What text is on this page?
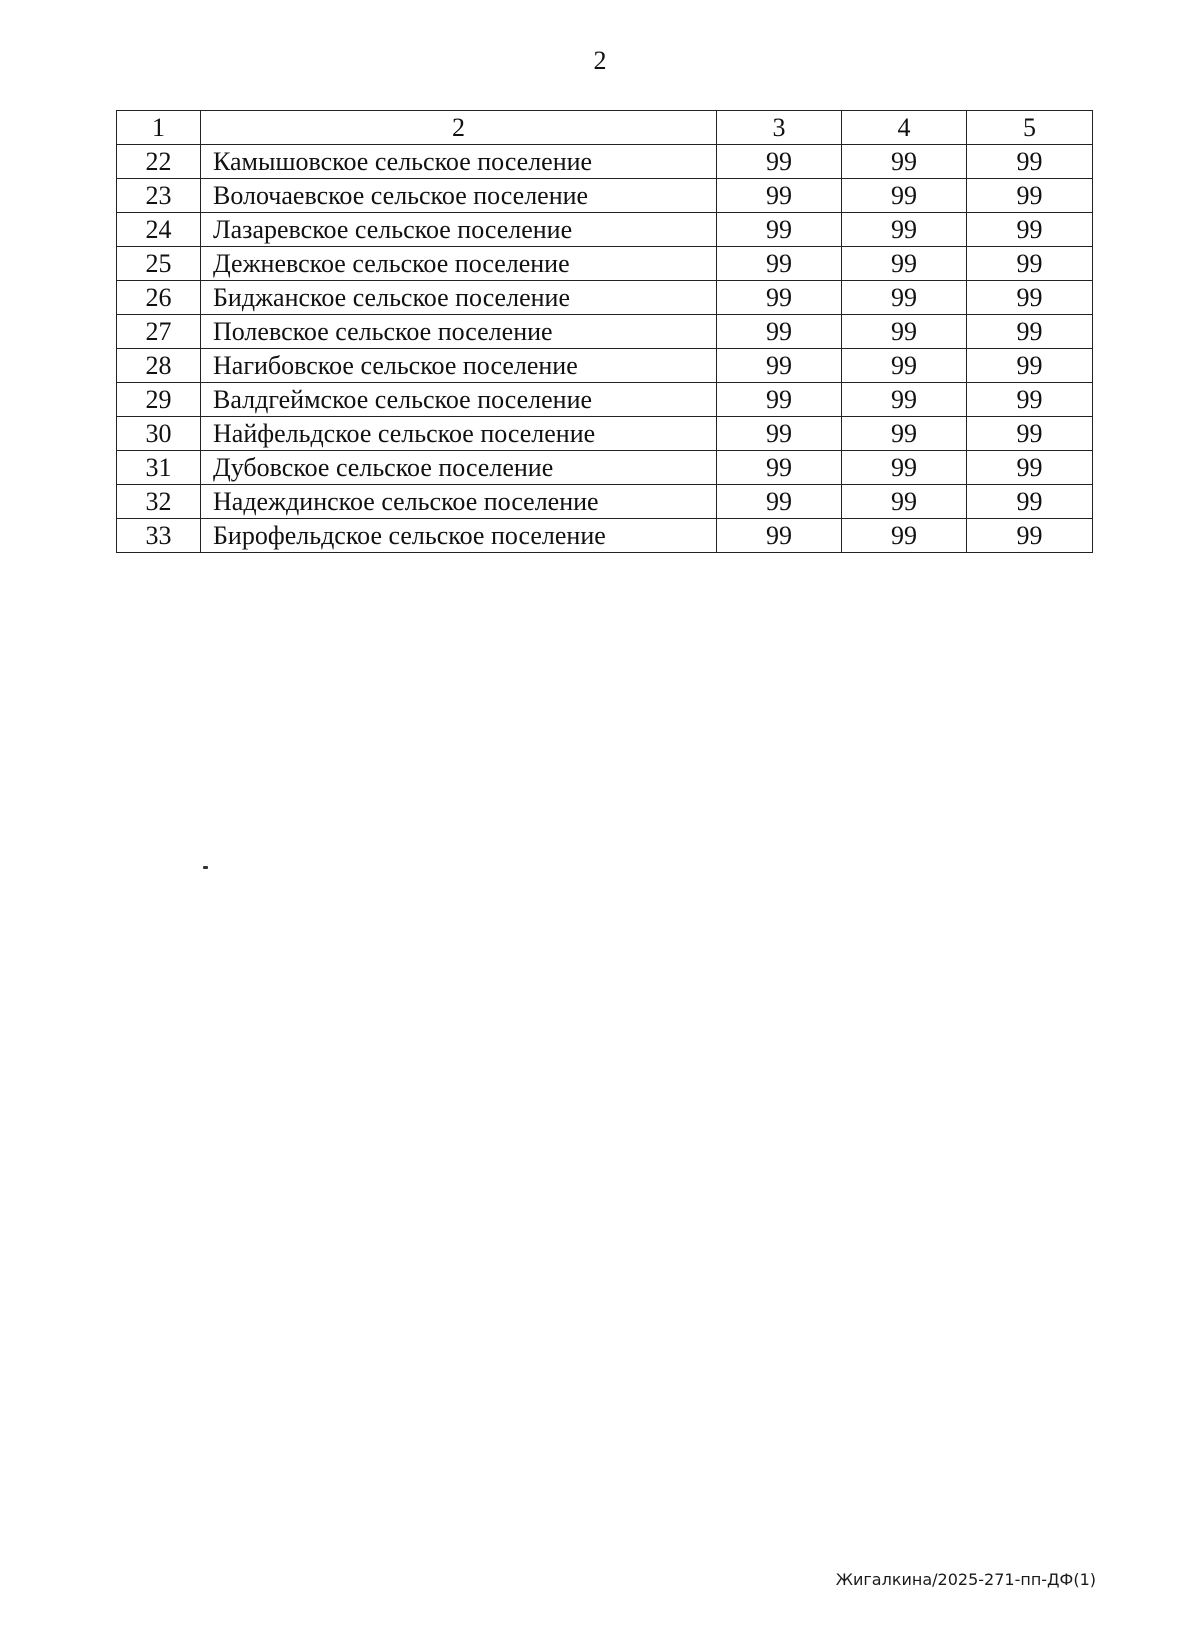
2
1	2	3	4	5
22	Камышовское сельское поселение	99	99	99
23	Волочаевское сельское поселение	99	99	99
24	Лазаревское сельское поселение	99	99	99
25	Дежневское сельское поселение	99	99	99
26	Биджанское сельское поселение	99	99	99
27	Полевское сельское поселение	99	99	99
28	Нагибовское сельское поселение	99	99	99
29	Валдгеймское сельское поселение	99	99	99
30	Найфельдское сельское поселение	99	99	99
31	Дубовское сельское поселение	99	99	99
32	Надеждинское сельское поселение	99	99	99
33	Бирофельдское сельское поселение	99	99	99
Жигалкина/2025-271-пп-ДФ(1)
